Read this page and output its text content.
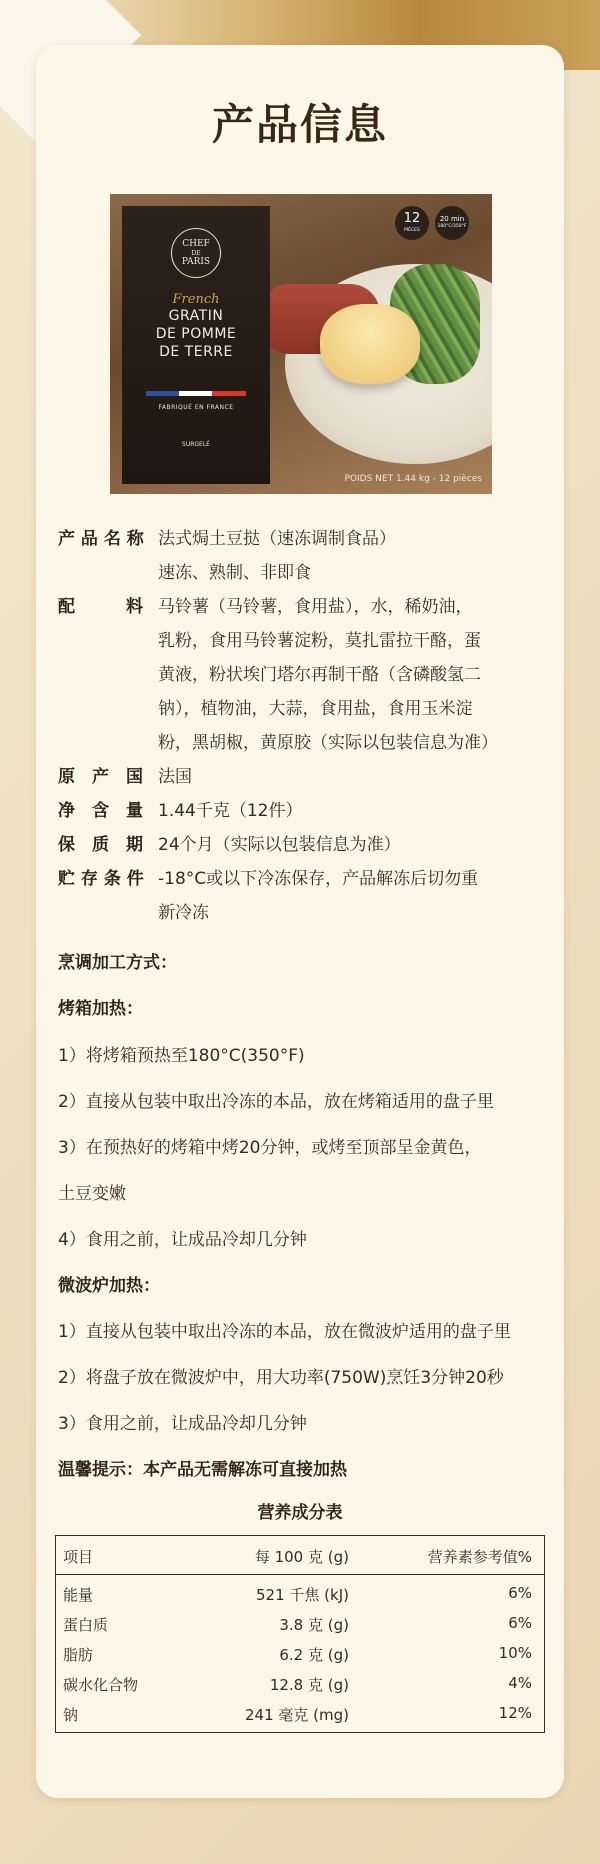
产品信息
CHEF
DE
PARIS
French
GRATIN
DE POMME
DE TERRE
FABRIQUÉ EN FRANCE
SURGELÉ
12
PIÈCES
20 min
180°C/350°F
POIDS NET 1.44 kg - 12 pièces
产 品 名 称 法式焗土豆挞（速冻调制食品）
速冻、熟制、非即食
配　　　料 马铃薯（马铃薯，食用盐），水，稀奶油，
乳粉，食用马铃薯淀粉，莫扎雷拉干酪，蛋
黄液，粉状埃门塔尔再制干酪（含磷酸氢二
钠），植物油，大蒜，食用盐，食用玉米淀
粉，黑胡椒，黄原胶（实际以包装信息为准）
原　产　国 法国
净　含　量 1.44千克（12件）
保　质　期 24个月（实际以包装信息为准）
贮 存 条 件 -18°C或以下冷冻保存，产品解冻后切勿重
新冷冻
烹调加工方式：
烤箱加热：
1）将烤箱预热至180°C(350°F)
2）直接从包装中取出冷冻的本品，放在烤箱适用的盘子里
3）在预热好的烤箱中烤20分钟，或烤至顶部呈金黄色，
土豆变嫩
4）食用之前，让成品冷却几分钟
微波炉加热：
1）直接从包装中取出冷冻的本品，放在微波炉适用的盘子里
2）将盘子放在微波炉中，用大功率(750W)烹饪3分钟20秒
3）食用之前，让成品冷却几分钟
温馨提示：本产品无需解冻可直接加热
营养成分表
项目	每 100 克 (g)	营养素参考值%
能量	521 千焦 (kJ)	6%
蛋白质	3.8 克 (g)	6%
脂肪	6.2 克 (g)	10%
碳水化合物	12.8 克 (g)	4%
钠	241 毫克 (mg)	12%
